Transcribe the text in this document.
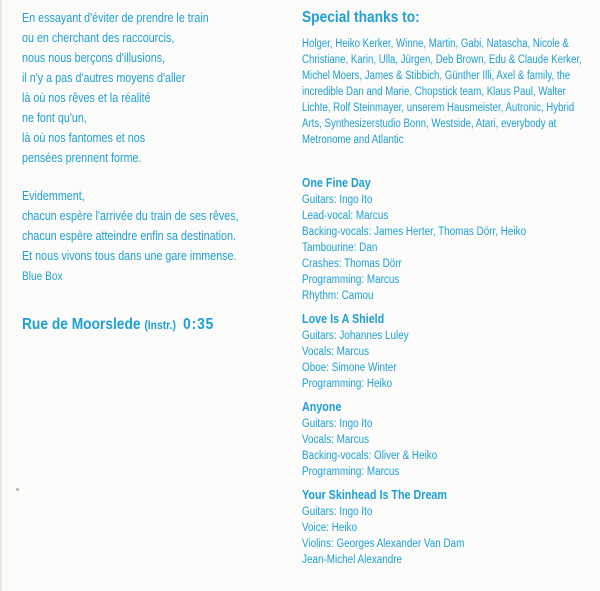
En essayant d'éviter de prendre le train
ou en cherchant des raccourcis,
nous nous berçons d'illusions,
il n'y a pas d'autres moyens d'aller
là où nos rêves et la réalité
ne font qu'un,
là où nos fantomes et nos
pensées prennent forme.
Evidemment,
chacun espère l'arrivée du train de ses rêves,
chacun espère atteindre enfin sa destination.
Et nous vivons tous dans une gare immense.
Blue Box
Rue de Moorslede (Instr.) 0:35
Special thanks to:
Holger, Heiko Kerker, Winne, Martin, Gabi, Natascha, Nicole & Christiane, Karin, Ulla, Jürgen, Deb Brown, Edu & Claude Kerker, Michel Moers, James & Stibbich, Günther Illi, Axel & family, the incredible Dan and Marie, Chopstick team, Klaus Paul, Walter Lichte, Rolf Steinmayer, unserem Hausmeister, Autronic, Hybrid Arts, Synthesizerstudio Bonn, Westside, Atari, everybody at Metronome and Atlantic
One Fine Day
Guitars: Ingo Ito
Lead-vocal: Marcus
Backing-vocals: James Herter, Thomas Dörr, Heiko
Tambourine: Dan
Crashes: Thomas Dörr
Programming: Marcus
Rhythm: Camou
Love Is A Shield
Guitars: Johannes Luley
Vocals: Marcus
Oboe: Simone Winter
Programming: Heiko
Anyone
Guitars: Ingo Ito
Vocals: Marcus
Backing-vocals: Oliver & Heiko
Programming: Marcus
Your Skinhead Is The Dream
Guitars: Ingo Ito
Voice: Heiko
Violins: Georges Alexander Van Dam
Jean-Michel Alexandre
